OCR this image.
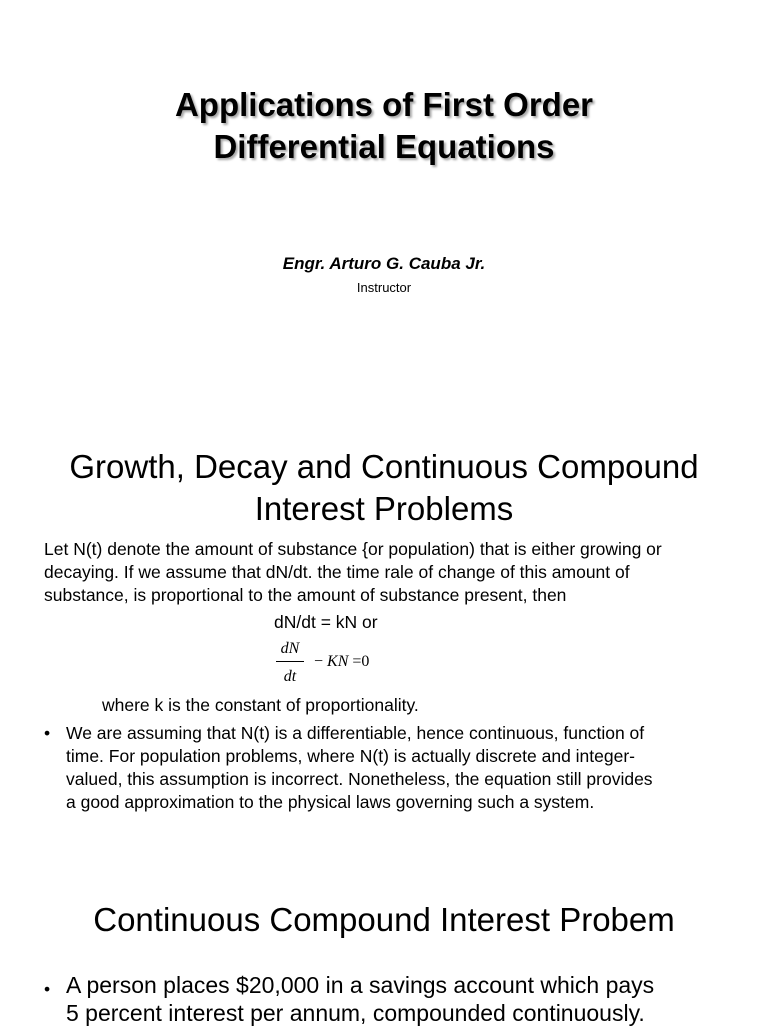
Applications of First Order
Differential Equations
Engr. Arturo G. Cauba Jr.
Instructor
Growth, Decay and Continuous Compound
Interest Problems
Let N(t) denote the amount of substance {or population) that is either growing or
decaying. If we assume that dN/dt. the time rale of change of this amount of
substance, is proportional to the amount of substance present, then
dN/dt = kN or
$\frac{dN}{dt}$ − KN =0
where k is the constant of proportionality.
• We are assuming that N(t) is a differentiable, hence continuous, function of
time. For population problems, where N(t) is actually discrete and integer-
valued, this assumption is incorrect. Nonetheless, the equation still provides
a good approximation to the physical laws governing such a system.
Continuous Compound Interest Probem
• A person places $20,000 in a savings account which pays
5 percent interest per annum, compounded continuously.
